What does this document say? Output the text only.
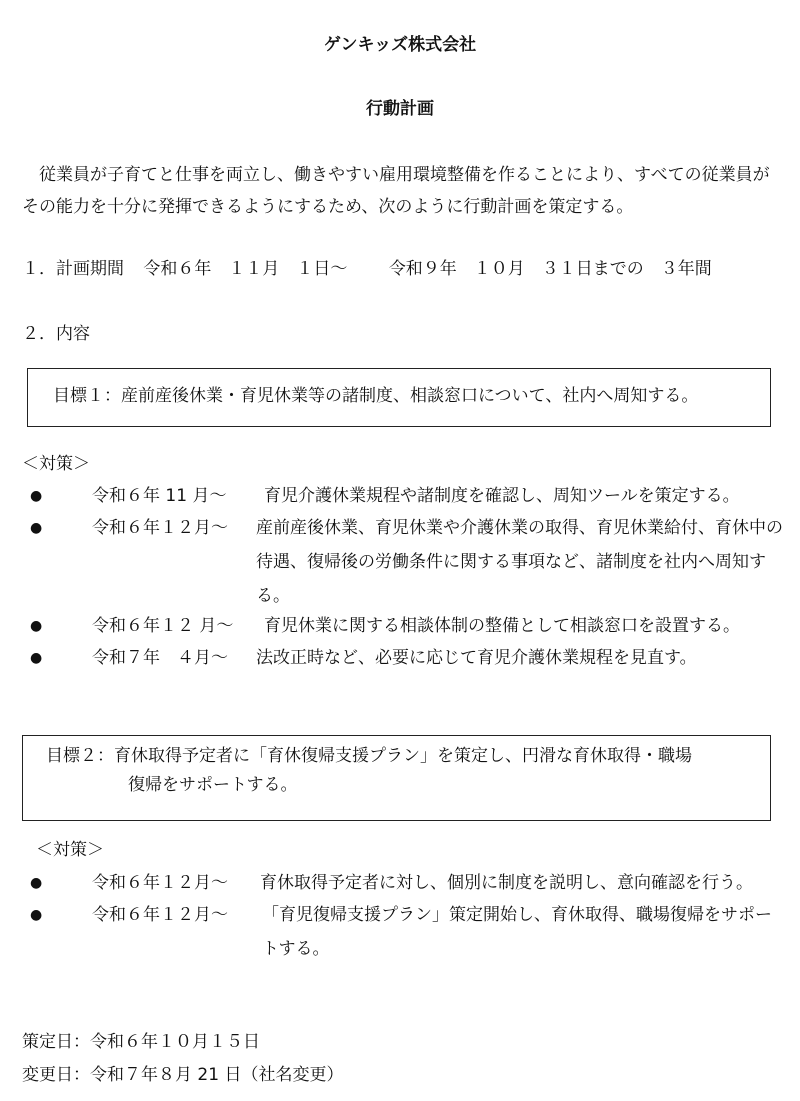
ゲンキッズ株式会社
行動計画
従業員が子育てと仕事を両立し、働きやすい雇用環境整備を作ることにより、すべての従業員がその能力を十分に発揮できるようにするため、次のように行動計画を策定する。
１．計画期間 令和６年　１１月　１日～ 令和９年　１０月　３１日までの　３年間
２．内容
目標１：産前産後休業・育児休業等の諸制度、相談窓口について、社内へ周知する。
＜対策＞
●	令和６年 11 月～ 育児介護休業規程や諸制度を確認し、周知ツールを策定する。
●	令和６年１２月～ 産前産後休業、育児休業や介護休業の取得、育児休業給付、育休中の待遇、復帰後の労働条件に関する事項など、諸制度を社内へ周知する。
●	令和６年１２ 月～ 育児休業に関する相談体制の整備として相談窓口を設置する。
●	令和７年　４月～ 法改正時など、必要に応じて育児介護休業規程を見直す。
目標２：育休取得予定者に「育休復帰支援プラン」を策定し、円滑な育休取得・職場
復帰をサポートする。
＜対策＞
●	令和６年１２月～ 育休取得予定者に対し、個別に制度を説明し、意向確認を行う。
●	令和６年１２月～ 「育児復帰支援プラン」策定開始し、育休取得、職場復帰をサポートする。
策定日：令和６年１０月１５日
変更日：令和７年８月 21 日（社名変更）
